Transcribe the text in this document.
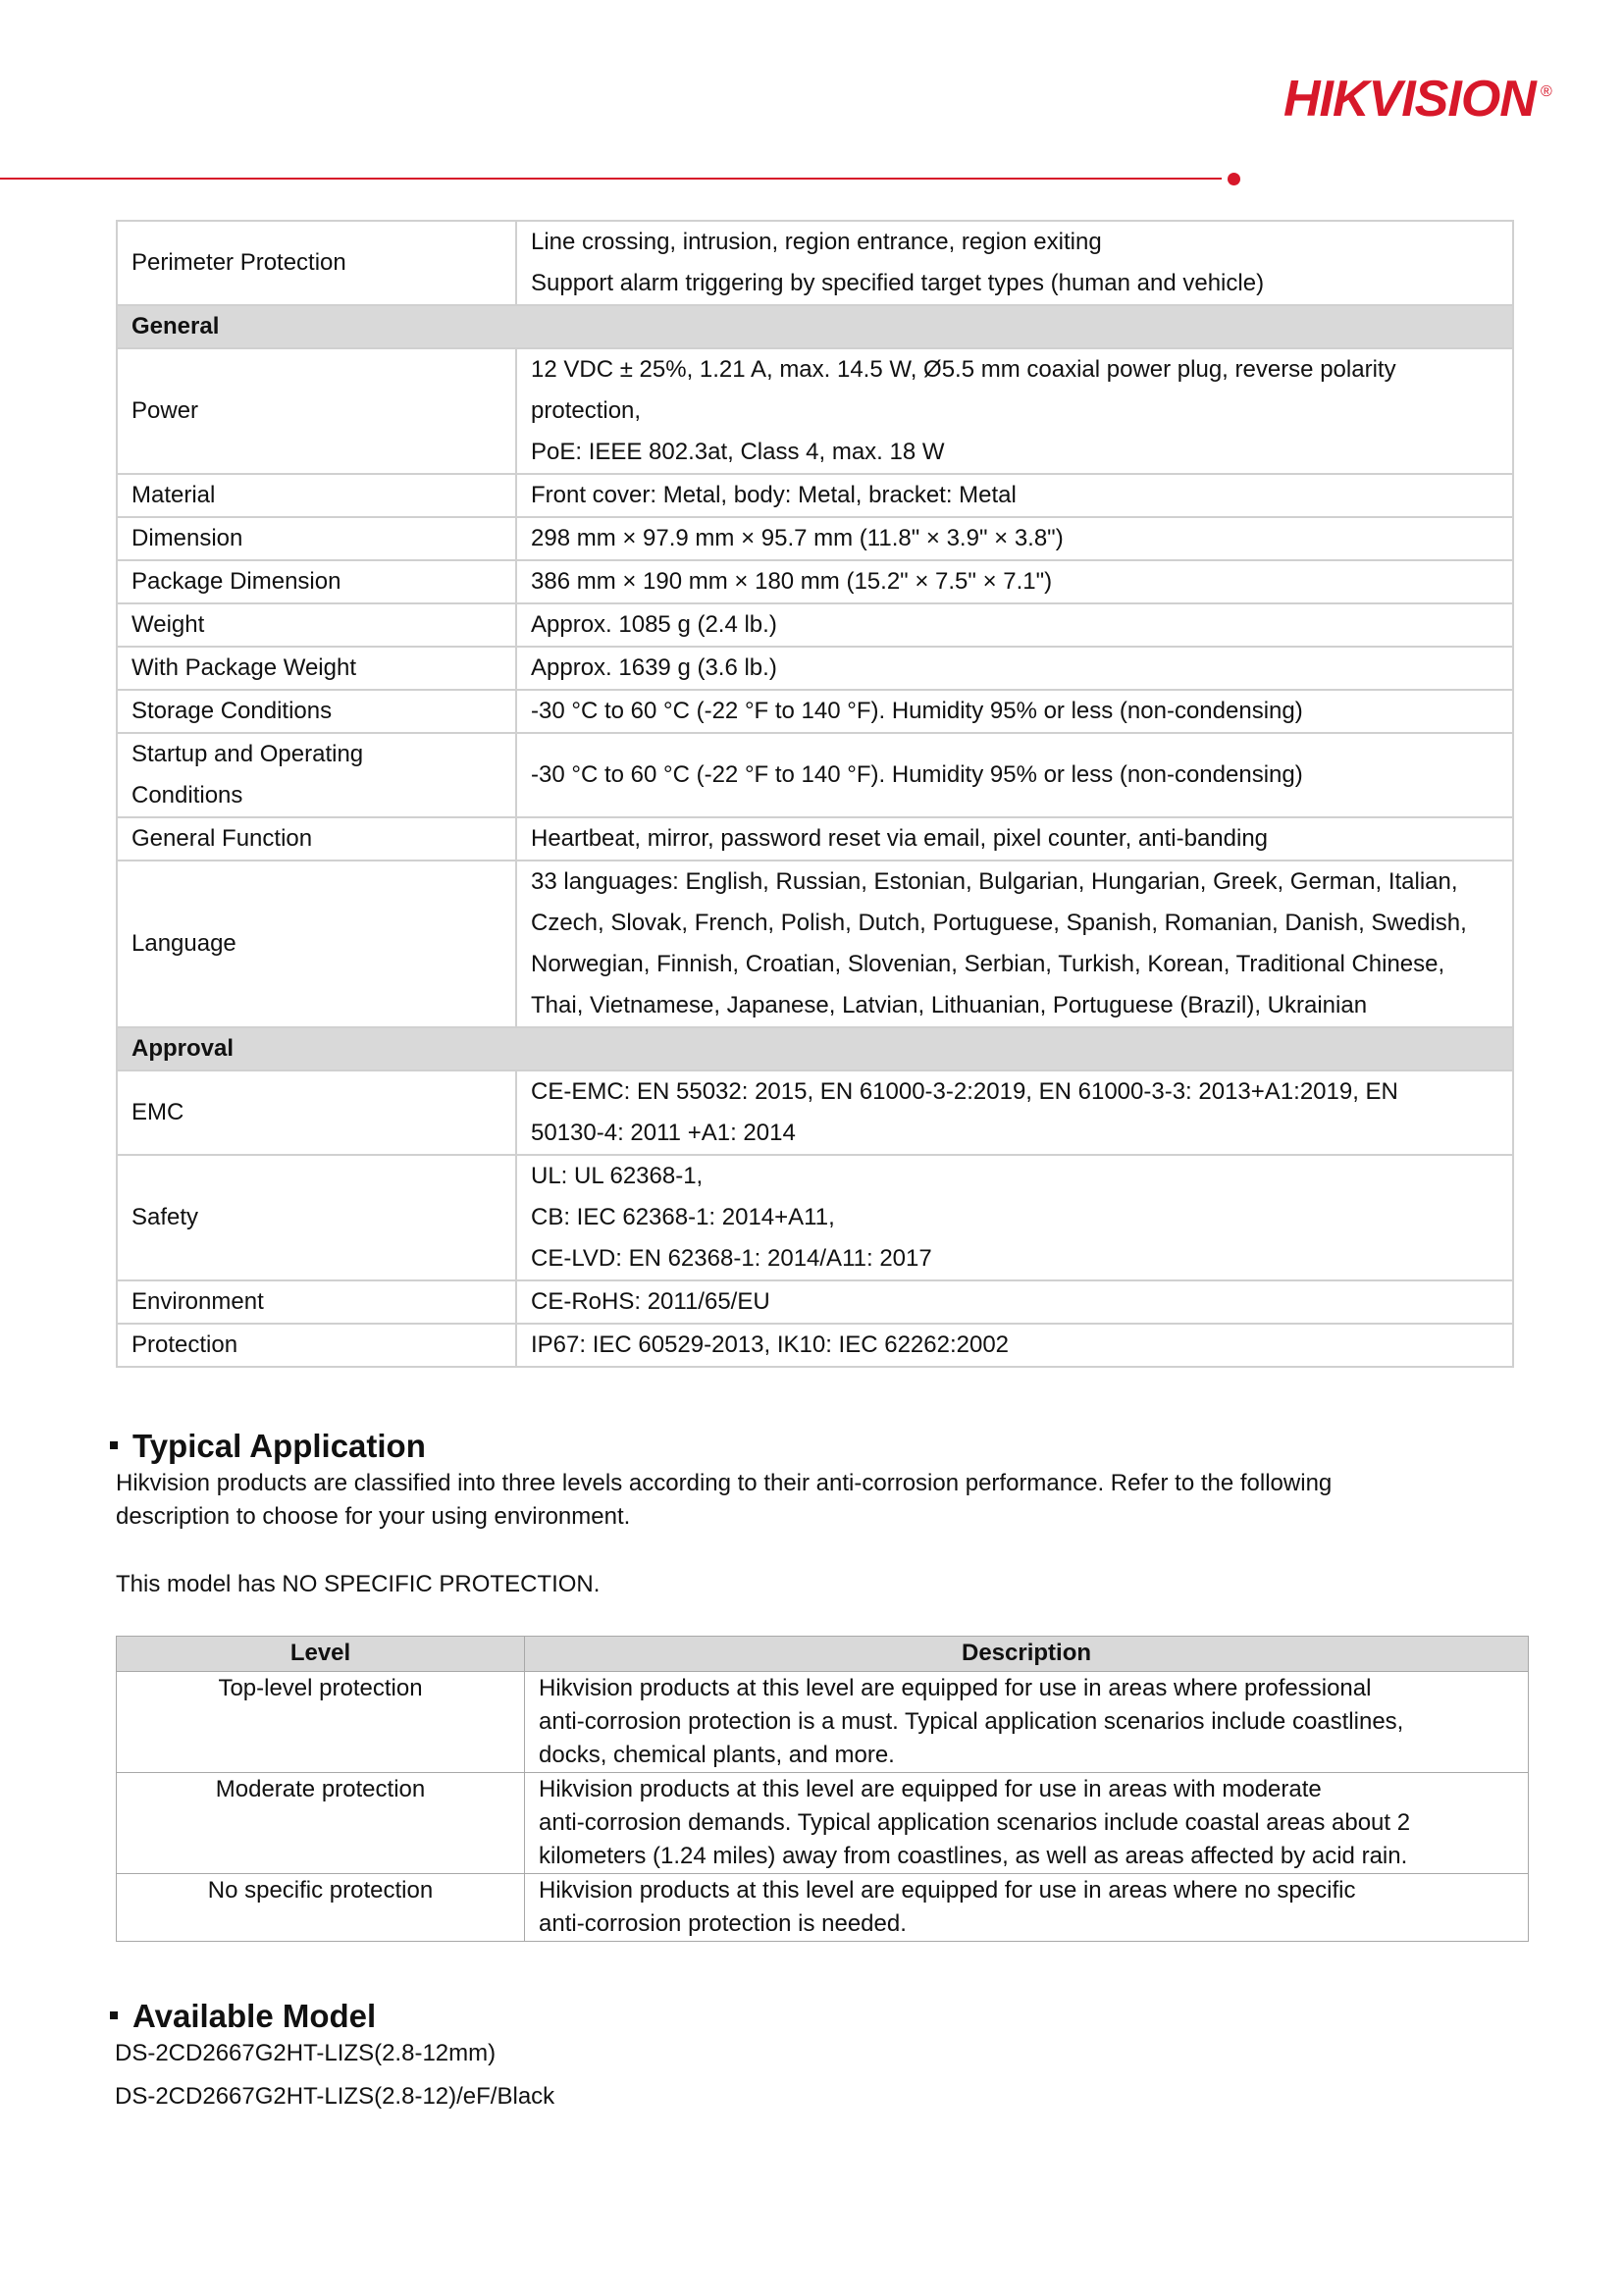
HIKVISION ®
Perimeter Protection	Line crossing, intrusion, region entrance, region exiting
Support alarm triggering by specified target types (human and vehicle)

General	
Power	12 VDC ± 25%, 1.21 A, max. 14.5 W, Ø5.5 mm coaxial power plug, reverse polarity
protection,
PoE: IEEE 802.3at, Class 4, max. 18 W

Material	Front cover: Metal, body: Metal, bracket: Metal

Dimension	298 mm × 97.9 mm × 95.7 mm (11.8" × 3.9" × 3.8")

Package Dimension	386 mm × 190 mm × 180 mm (15.2" × 7.5" × 7.1")

Weight	Approx. 1085 g (2.4 lb.)

With Package Weight	Approx. 1639 g (3.6 lb.)

Storage Conditions	-30 °C to 60 °C (-22 °F to 140 °F). Humidity 95% or less (non-condensing)

Startup and Operating Conditions	-30 °C to 60 °C (-22 °F to 140 °F). Humidity 95% or less (non-condensing)

General Function	Heartbeat, mirror, password reset via email, pixel counter, anti-banding

Language	33 languages: English, Russian, Estonian, Bulgarian, Hungarian, Greek, German, Italian,
Czech, Slovak, French, Polish, Dutch, Portuguese, Spanish, Romanian, Danish, Swedish,
Norwegian, Finnish, Croatian, Slovenian, Serbian, Turkish, Korean, Traditional Chinese,
Thai, Vietnamese, Japanese, Latvian, Lithuanian, Portuguese (Brazil), Ukrainian

Approval	
EMC	CE-EMC: EN 55032: 2015, EN 61000-3-2:2019, EN 61000-3-3: 2013+A1:2019, EN
50130-4: 2011 +A1: 2014

Safety	UL: UL 62368-1,
CB: IEC 62368-1: 2014+A11,
CE-LVD: EN 62368-1: 2014/A11: 2017

Environment	CE-RoHS: 2011/65/EU

Protection	IP67: IEC 60529-2013, IK10: IEC 62262:2002
Typical Application
Hikvision products are classified into three levels according to their anti-corrosion performance. Refer to the following
description to choose for your using environment.
This model has NO SPECIFIC PROTECTION.
Level	Description
Top-level protection	Hikvision products at this level are equipped for use in areas where professional
anti-corrosion protection is a must. Typical application scenarios include coastlines,
docks, chemical plants, and more.

Moderate protection	Hikvision products at this level are equipped for use in areas with moderate
anti-corrosion demands. Typical application scenarios include coastal areas about 2
kilometers (1.24 miles) away from coastlines, as well as areas affected by acid rain.

No specific protection	Hikvision products at this level are equipped for use in areas where no specific
anti-corrosion protection is needed.
Available Model
DS-2CD2667G2HT-LIZS(2.8-12mm)
DS-2CD2667G2HT-LIZS(2.8-12)/eF/Black
